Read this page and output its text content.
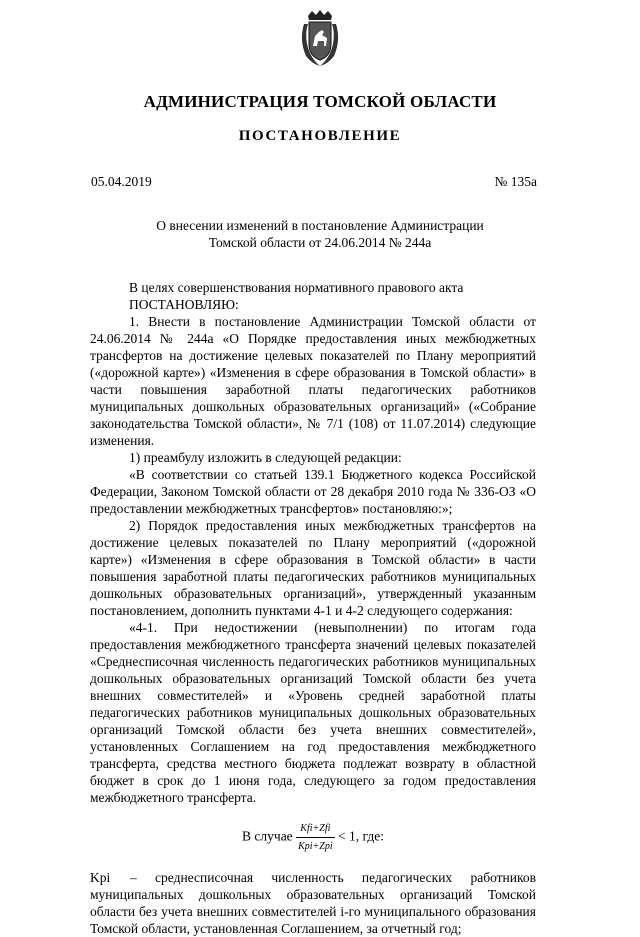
АДМИНИСТРАЦИЯ ТОМСКОЙ ОБЛАСТИ
ПОСТАНОВЛЕНИЕ
05.04.2019	№ 135а
О внесении изменений в постановление Администрации
Томской области от 24.06.2014 № 244а

В целях совершенствования нормативного правового акта

ПОСТАНОВЛЯЮ:

1. Внести в постановление Администрации Томской области от 24.06.2014 № 244а «О Порядке предоставления иных межбюджетных трансфертов на достижение целевых показателей по Плану мероприятий («дорожной карте») «Изменения в сфере образования в Томской области» в части повышения заработной платы педагогических работников муниципальных дошкольных образовательных организаций» («Собрание законодательства Томской области», № 7/1 (108) от 11.07.2014) следующие изменения.

1) преамбулу изложить в следующей редакции:

«В соответствии со статьей 139.1 Бюджетного кодекса Российской Федерации, Законом Томской области от 28 декабря 2010 года № 336-ОЗ «О предоставлении межбюджетных трансфертов» постановляю:»;

2) Порядок предоставления иных межбюджетных трансфертов на достижение целевых показателей по Плану мероприятий («дорожной карте») «Изменения в сфере образования в Томской области» в части повышения заработной платы педагогических работников муниципальных дошкольных образовательных организаций», утвержденный указанным постановлением, дополнить пунктами 4-1 и 4-2 следующего содержания:

«4-1. При недостижении (невыполнении) по итогам года предоставления межбюджетного трансферта значений целевых показателей «Среднесписочная численность педагогических работников муниципальных дошкольных образовательных организаций Томской области без учета внешних совместителей» и «Уровень средней заработной платы педагогических работников муниципальных дошкольных образовательных организаций Томской области без учета внешних совместителей», установленных Соглашением на год предоставления межбюджетного трансферта, средства местного бюджета подлежат возврату в областной бюджет в срок до 1 июня года, следующего за годом предоставления межбюджетного трансферта.

В случае $\frac{\text{Kfi+Zfi}}{\text{Kpi+Zpi}} < 1$, где:

Kpi – среднесписочная численность педагогических работников муниципальных дошкольных образовательных организаций Томской области без учета внешних совместителей i-го муниципального образования Томской области, установленная Соглашением, за отчетный год;
